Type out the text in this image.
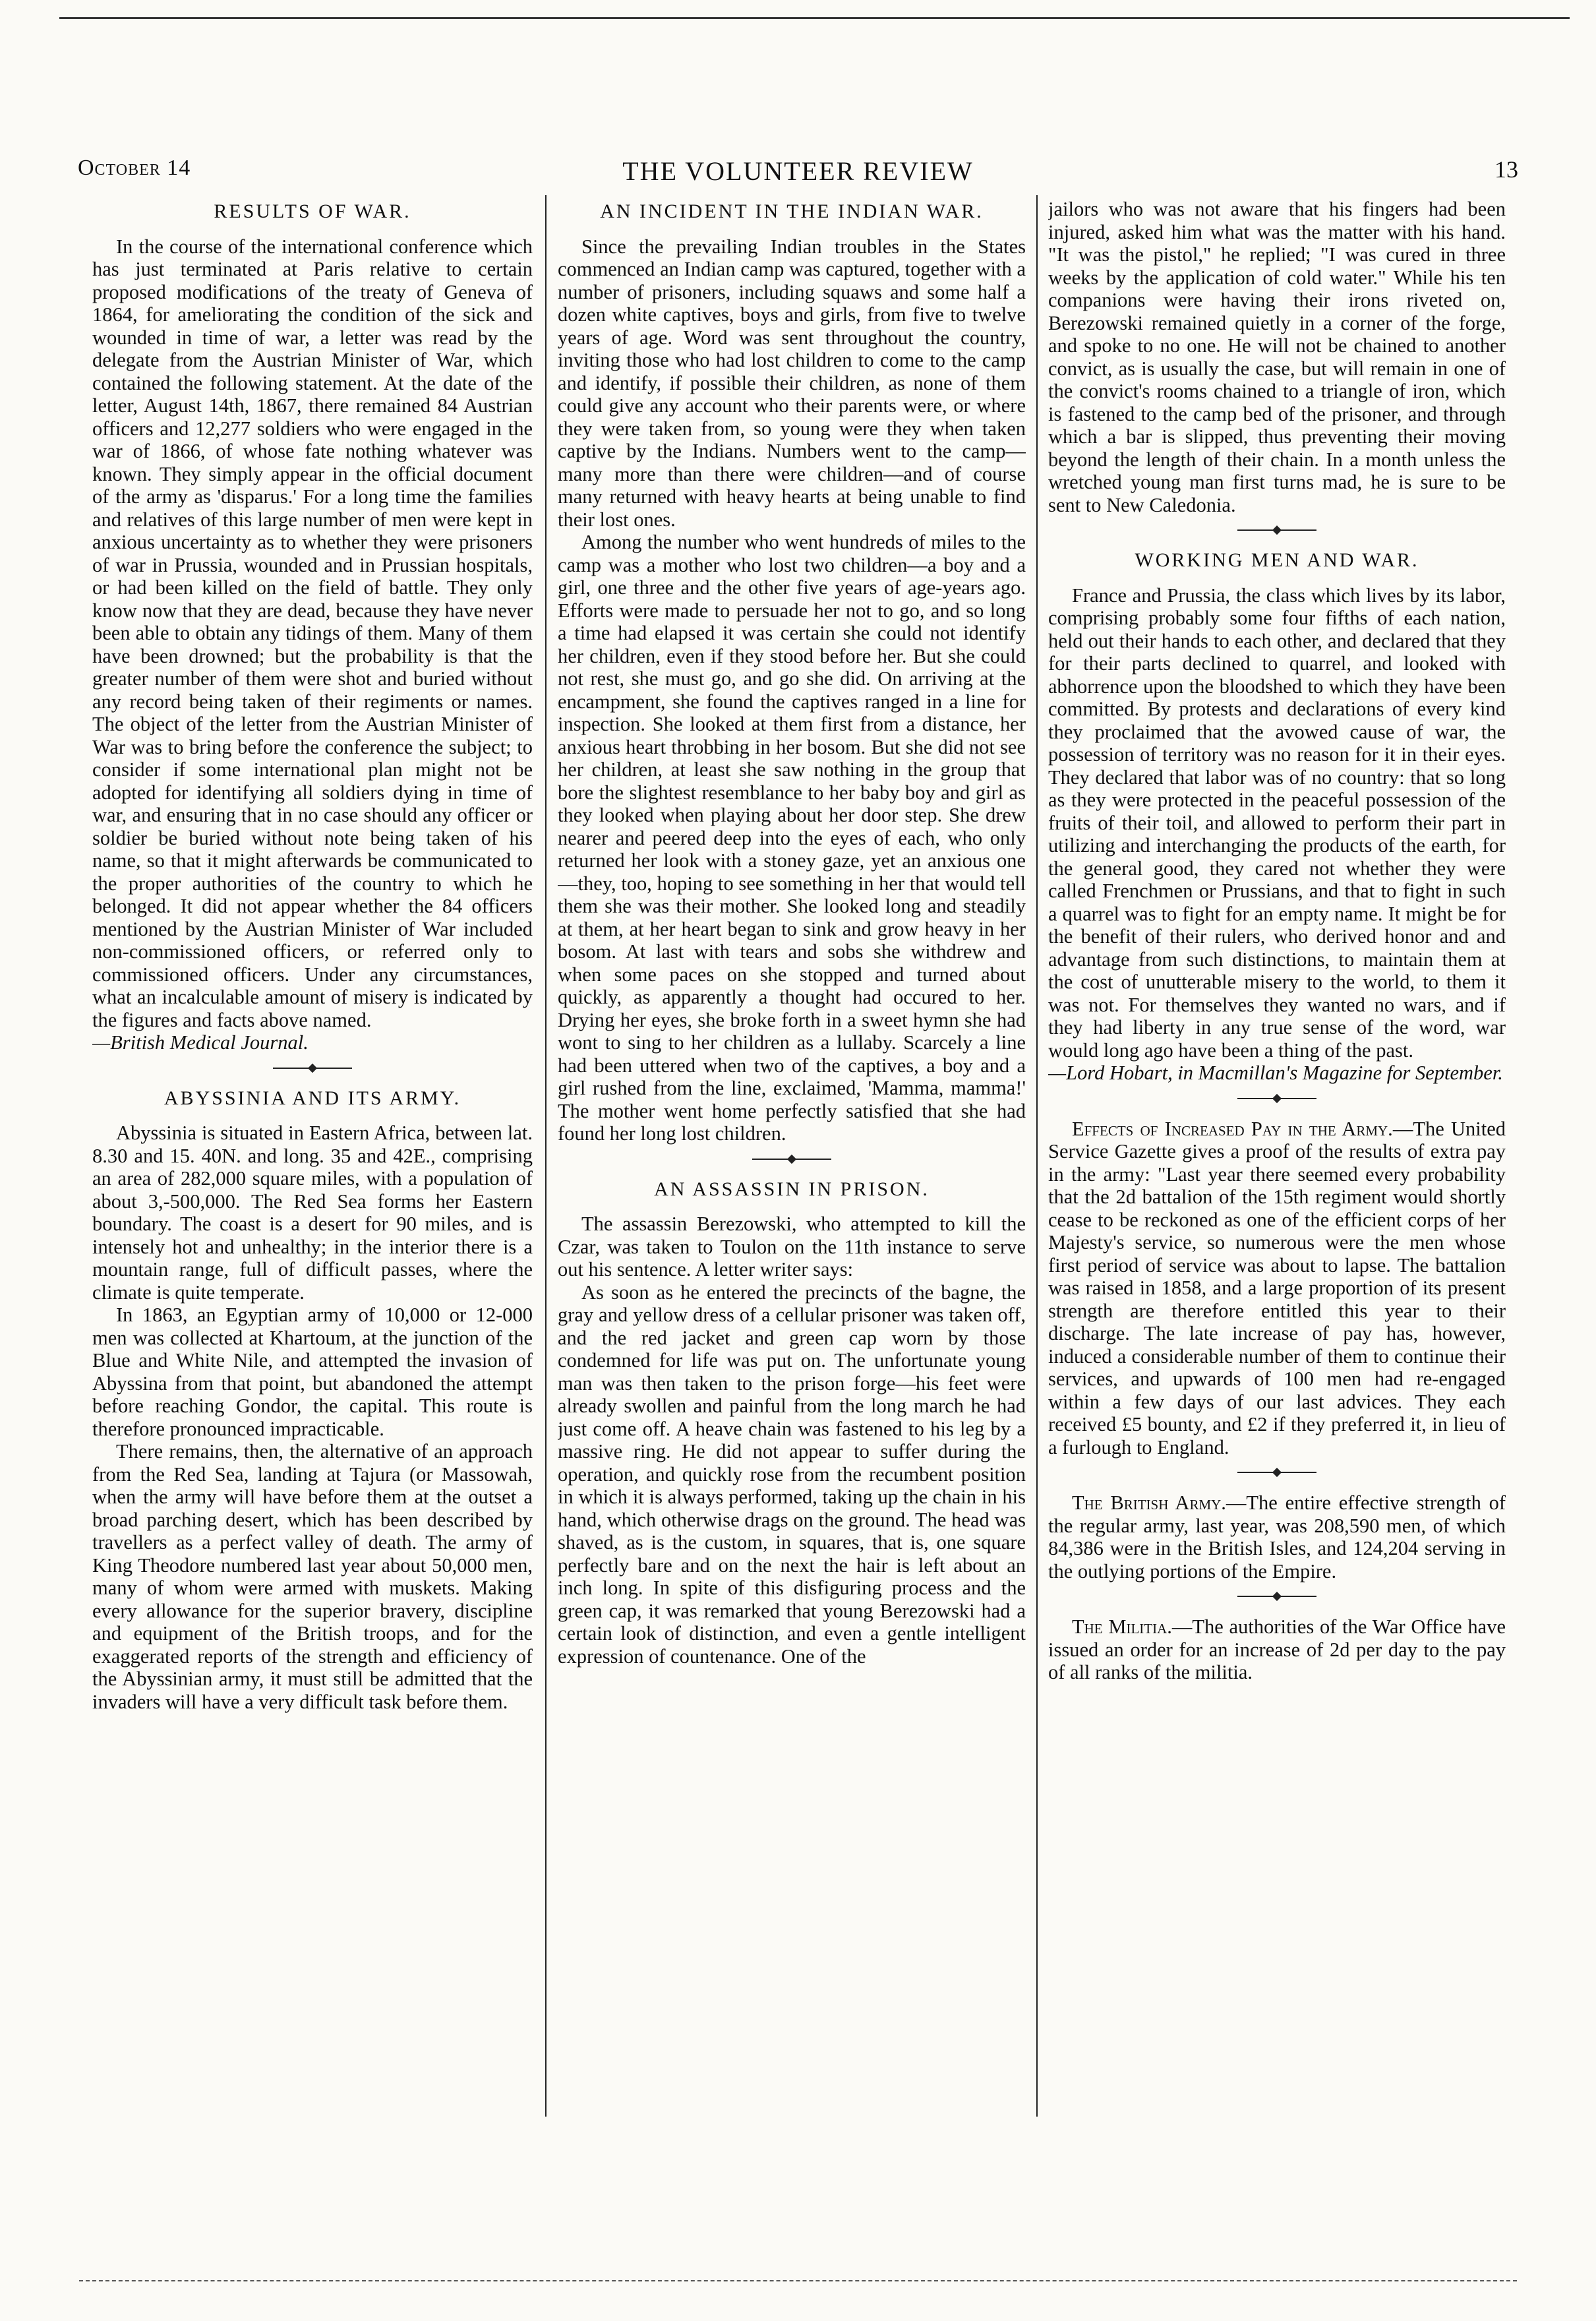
October 14	THE VOLUNTEER REVIEW	13
RESULTS OF WAR.

In the course of the international conference which has just terminated at Paris relative to certain proposed modifications of the treaty of Geneva of 1864, for ameliorating the condition of the sick and wounded in time of war, a letter was read by the delegate from the Austrian Minister of War, which contained the following statement. At the date of the letter, August 14th, 1867, there remained 84 Austrian officers and 12,277 soldiers who were engaged in the war of 1866, of whose fate nothing whatever was known. They simply appear in the official document of the army as 'disparus.' For a long time the families and relatives of this large number of men were kept in anxious uncertainty as to whether they were prisoners of war in Prussia, wounded and in Prussian hospitals, or had been killed on the field of battle. They only know now that they are dead, because they have never been able to obtain any tidings of them. Many of them have been drowned; but the probability is that the greater number of them were shot and buried without any record being taken of their regiments or names. The object of the letter from the Austrian Minister of War was to bring before the conference the subject; to consider if some international plan might not be adopted for identifying all soldiers dying in time of war, and ensuring that in no case should any officer or soldier be buried without note being taken of his name, so that it might afterwards be communicated to the proper authorities of the country to which he belonged. It did not appear whether the 84 officers mentioned by the Austrian Minister of War included non-commissioned officers, or referred only to commissioned officers. Under any circumstances, what an incalculable amount of misery is indicated by the figures and facts above named.

—British Medical Journal.

ABYSSINIA AND ITS ARMY.

Abyssinia is situated in Eastern Africa, between lat. 8.30 and 15. 40N. and long. 35 and 42E., comprising an area of 282,000 square miles, with a population of about 3,-500,000. The Red Sea forms her Eastern boundary. The coast is a desert for 90 miles, and is intensely hot and unhealthy; in the interior there is a mountain range, full of difficult passes, where the climate is quite temperate.

In 1863, an Egyptian army of 10,000 or 12-000 men was collected at Khartoum, at the junction of the Blue and White Nile, and attempted the invasion of Abyssina from that point, but abandoned the attempt before reaching Gondor, the capital. This route is therefore pronounced impracticable.

There remains, then, the alternative of an approach from the Red Sea, landing at Tajura (or Massowah, when the army will have before them at the outset a broad parching desert, which has been described by travellers as a perfect valley of death. The army of King Theodore numbered last year about 50,000 men, many of whom were armed with muskets. Making every allowance for the superior bravery, discipline and equipment of the British troops, and for the exaggerated reports of the strength and efficiency of the Abyssinian army, it must still be admitted that the invaders will have a very difficult task before them.

AN INCIDENT IN THE INDIAN WAR.

Since the prevailing Indian troubles in the States commenced an Indian camp was captured, together with a number of prisoners, including squaws and some half a dozen white captives, boys and girls, from five to twelve years of age. Word was sent throughout the country, inviting those who had lost children to come to the camp and identify, if possible their children, as none of them could give any account who their parents were, or where they were taken from, so young were they when taken captive by the Indians. Numbers went to the camp—many more than there were children—and of course many returned with heavy hearts at being unable to find their lost ones.

Among the number who went hundreds of miles to the camp was a mother who lost two children—a boy and a girl, one three and the other five years of age-years ago. Efforts were made to persuade her not to go, and so long a time had elapsed it was certain she could not identify her children, even if they stood before her. But she could not rest, she must go, and go she did. On arriving at the encampment, she found the captives ranged in a line for inspection. She looked at them first from a distance, her anxious heart throbbing in her bosom. But she did not see her children, at least she saw nothing in the group that bore the slightest resemblance to her baby boy and girl as they looked when playing about her door step. She drew nearer and peered deep into the eyes of each, who only returned her look with a stoney gaze, yet an anxious one—they, too, hoping to see something in her that would tell them she was their mother. She looked long and steadily at them, at her heart began to sink and grow heavy in her bosom. At last with tears and sobs she withdrew and when some paces on she stopped and turned about quickly, as apparently a thought had occured to her. Drying her eyes, she broke forth in a sweet hymn she had wont to sing to her children as a lullaby. Scarcely a line had been uttered when two of the captives, a boy and a girl rushed from the line, exclaimed, 'Mamma, mamma!' The mother went home perfectly satisfied that she had found her long lost children.

AN ASSASSIN IN PRISON.

The assassin Berezowski, who attempted to kill the Czar, was taken to Toulon on the 11th instance to serve out his sentence. A letter writer says:

As soon as he entered the precincts of the bagne, the gray and yellow dress of a cellular prisoner was taken off, and the red jacket and green cap worn by those condemned for life was put on. The unfortunate young man was then taken to the prison forge—his feet were already swollen and painful from the long march he had just come off. A heave chain was fastened to his leg by a massive ring. He did not appear to suffer during the operation, and quickly rose from the recumbent position in which it is always performed, taking up the chain in his hand, which otherwise drags on the ground. The head was shaved, as is the custom, in squares, that is, one square perfectly bare and on the next the hair is left about an inch long. In spite of this disfiguring process and the green cap, it was remarked that young Berezowski had a certain look of distinction, and even a gentle intelligent expression of countenance. One of the

jailors who was not aware that his fingers had been injured, asked him what was the matter with his hand. "It was the pistol," he replied; "I was cured in three weeks by the application of cold water." While his ten companions were having their irons riveted on, Berezowski remained quietly in a corner of the forge, and spoke to no one. He will not be chained to another convict, as is usually the case, but will remain in one of the convict's rooms chained to a triangle of iron, which is fastened to the camp bed of the prisoner, and through which a bar is slipped, thus preventing their moving beyond the length of their chain. In a month unless the wretched young man first turns mad, he is sure to be sent to New Caledonia.

WORKING MEN AND WAR.

France and Prussia, the class which lives by its labor, comprising probably some four fifths of each nation, held out their hands to each other, and declared that they for their parts declined to quarrel, and looked with abhorrence upon the bloodshed to which they have been committed. By protests and declarations of every kind they proclaimed that the avowed cause of war, the possession of territory was no reason for it in their eyes. They declared that labor was of no country: that so long as they were protected in the peaceful possession of the fruits of their toil, and allowed to perform their part in utilizing and interchanging the products of the earth, for the general good, they cared not whether they were called Frenchmen or Prussians, and that to fight in such a quarrel was to fight for an empty name. It might be for the benefit of their rulers, who derived honor and and advantage from such distinctions, to maintain them at the cost of unutterable misery to the world, to them it was not. For themselves they wanted no wars, and if they had liberty in any true sense of the word, war would long ago have been a thing of the past.

—Lord Hobart, in Macmillan's Magazine for September.

Effects of Increased Pay in the Army.—The United Service Gazette gives a proof of the results of extra pay in the army: "Last year there seemed every probability that the 2d battalion of the 15th regiment would shortly cease to be reckoned as one of the efficient corps of her Majesty's service, so numerous were the men whose first period of service was about to lapse. The battalion was raised in 1858, and a large proportion of its present strength are therefore entitled this year to their discharge. The late increase of pay has, however, induced a considerable number of them to continue their services, and upwards of 100 men had re-engaged within a few days of our last advices. They each received £5 bounty, and £2 if they preferred it, in lieu of a furlough to England.

The British Army.—The entire effective strength of the regular army, last year, was 208,590 men, of which 84,386 were in the British Isles, and 124,204 serving in the outlying portions of the Empire.

The Militia.—The authorities of the War Office have issued an order for an increase of 2d per day to the pay of all ranks of the militia.
